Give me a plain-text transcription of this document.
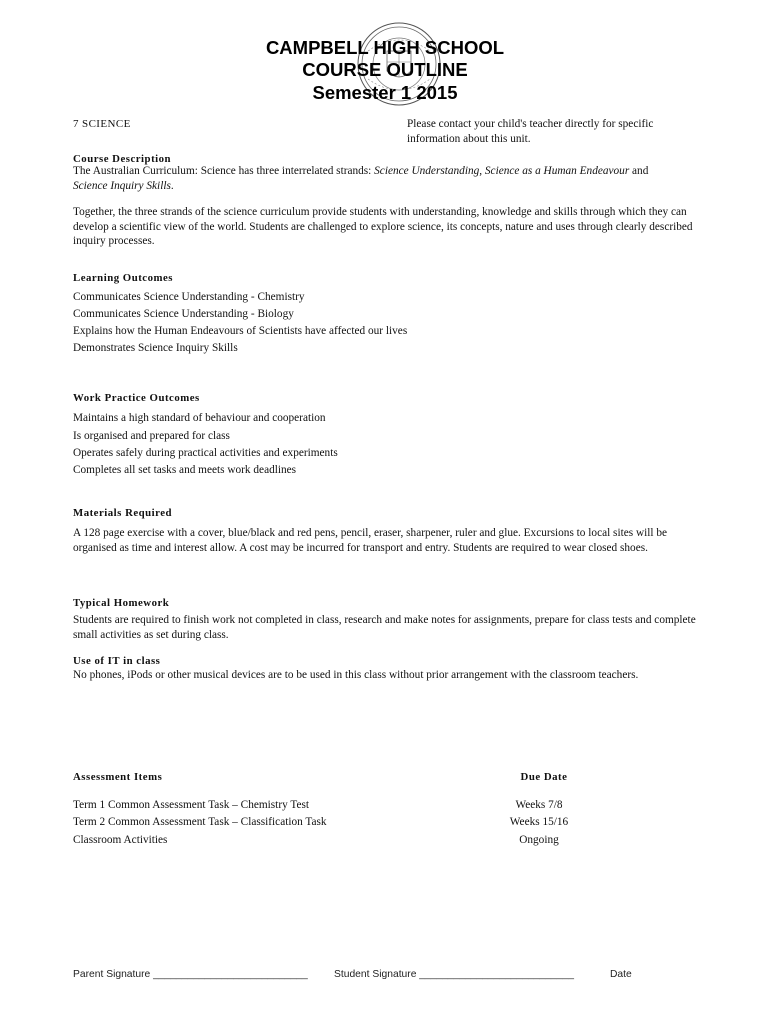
CAMPBELL HIGH SCHOOL
COURSE OUTLINE
Semester 1 2015
7 SCIENCE	Please contact your child's teacher directly for specific information about this unit.
Course Description
The Australian Curriculum: Science has three interrelated strands: Science Understanding, Science as a Human Endeavour and Science Inquiry Skills.
Together, the three strands of the science curriculum provide students with understanding, knowledge and skills through which they can develop a scientific view of the world. Students are challenged to explore science, its concepts, nature and uses through clearly described inquiry processes.
Learning Outcomes
Communicates Science Understanding - Chemistry
Communicates Science Understanding - Biology
Explains how the Human Endeavours of Scientists have affected our lives
Demonstrates Science Inquiry Skills
Work Practice Outcomes
Maintains a high standard of behaviour and cooperation
Is organised and prepared for class
Operates safely during practical activities and experiments
Completes all set tasks and meets work deadlines
Materials Required
A 128 page exercise with a cover, blue/black and red pens, pencil, eraser, sharpener, ruler and glue. Excursions to local sites will be organised as time and interest allow. A cost may be incurred for transport and entry. Students are required to wear closed shoes.
Typical Homework
Students are required to finish work not completed in class, research and make notes for assignments, prepare for class tests and complete small activities as set during class.
Use of IT in class
No phones, iPods or other musical devices are to be used in this class without prior arrangement with the classroom teachers.
Assessment Items	Due Date
Term 1 Common Assessment Task – Chemistry Test	Weeks 7/8
Term 2 Common Assessment Task – Classification Task	Weeks 15/16
Classroom Activities	Ongoing
Parent Signature ___________________________	Student Signature ___________________________	Date
